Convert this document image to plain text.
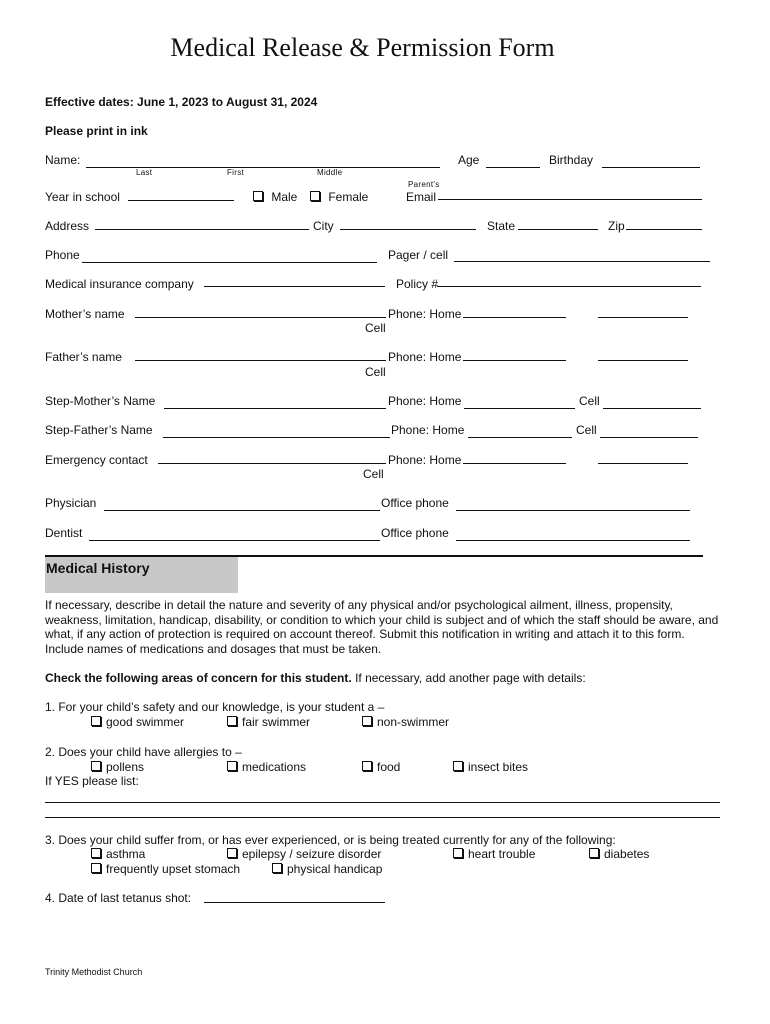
Medical Release & Permission Form
Effective dates: June 1, 2023 to August 31, 2024
Please print in ink
Name:
Last	First	Middle
Age	Birthday
Parent's
Year in school	Male	Female	Email
Address	City	State	Zip
Phone	Pager / cell
Medical insurance company	Policy #
Mother’s name	Phone: Home
Cell
Father’s name	Phone: Home
Cell
Step-Mother’s Name	Phone: Home	Cell
Step-Father’s Name	Phone: Home	Cell
Emergency contact	Phone: Home
Cell
Physician	Office phone
Dentist	Office phone
Medical History
If necessary, describe in detail the nature and severity of any physical and/or psychological ailment, illness, propensity, weakness, limitation, handicap, disability, or condition to which your child is subject and of which the staff should be aware, and what, if any action of protection is required on account thereof. Submit this notification in writing and attach it to this form. Include names of medications and dosages that must be taken.
Check the following areas of concern for this student. If necessary, add another page with details:
1. For your child’s safety and our knowledge, is your student a –
good swimmer	fair swimmer	non-swimmer
2. Does your child have allergies to –
pollens	medications	food	insect bites
If YES please list:
3. Does your child suffer from, or has ever experienced, or is being treated currently for any of the following:
asthma	epilepsy / seizure disorder	heart trouble	diabetes
frequently upset stomach	physical handicap
4. Date of last tetanus shot:
Trinity Methodist Church
